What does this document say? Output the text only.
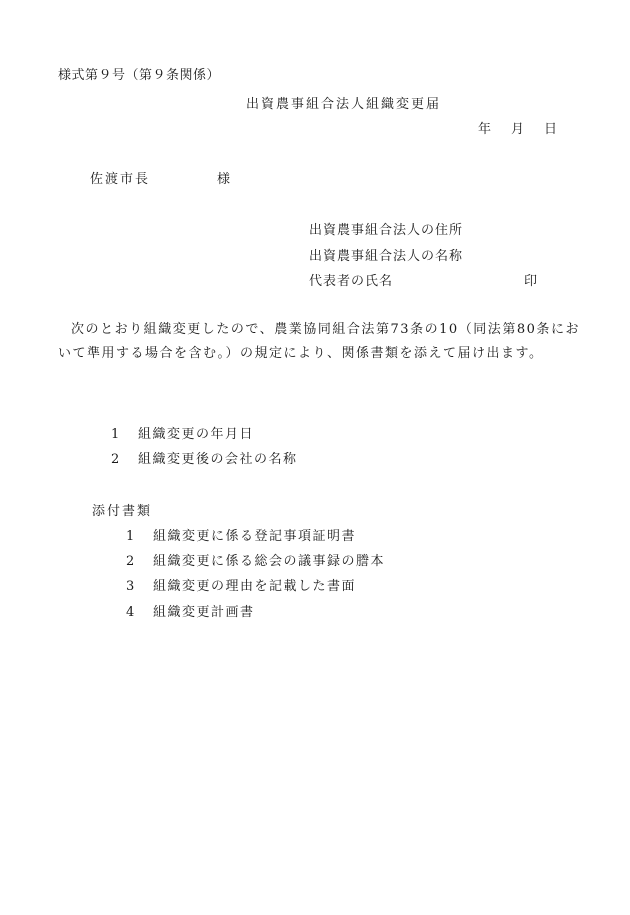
様式第９号（第９条関係）
出資農事組合法人組織変更届
年 月 日
佐渡市長	様
出資農事組合法人の住所
出資農事組合法人の名称
代表者の氏名	印

次のとおり組織変更したので、農業協同組合法第73条の10（同法第80条において準用する場合を含む。）の規定により、関係書類を添えて届け出ます。

1 組織変更の年月日
2 組織変更後の会社の名称
添付書類
1 組織変更に係る登記事項証明書
2 組織変更に係る総会の議事録の謄本
3 組織変更の理由を記載した書面
4 組織変更計画書
